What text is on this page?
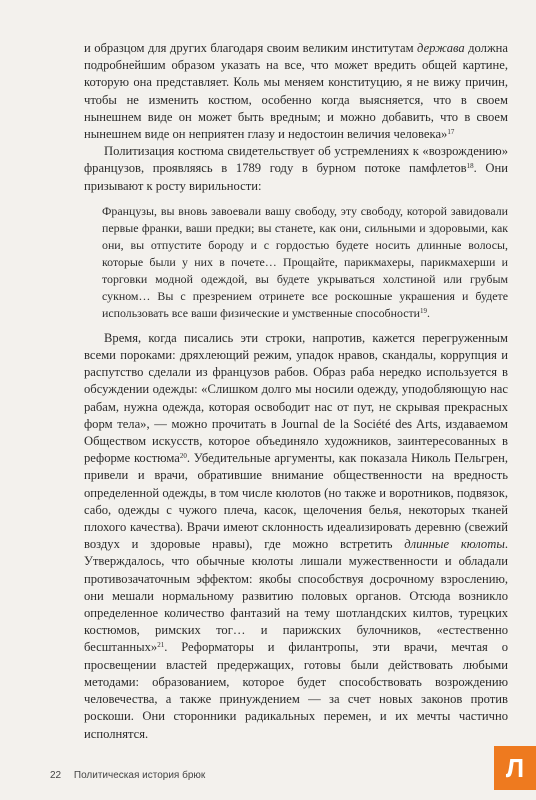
и образцом для других благодаря своим великим институтам держава должна подробнейшим образом указать на все, что может вредить общей картине, которую она представляет. Коль мы меняем конституцию, я не вижу причин, чтобы не изменить костюм, особенно когда выясняется, что в своем нынешнем виде он может быть вредным; и можно добавить, что в своем нынешнем виде он неприятен глазу и недостоин величия человека»$^{17}$

Политизация костюма свидетельствует об устремлениях к «возрождению» французов, проявляясь в 1789 году в бурном потоке памфлетов$^{18}$. Они призывают к росту вирильности:

Французы, вы вновь завоевали вашу свободу, эту свободу, которой завидовали первые франки, ваши предки; вы станете, как они, сильными и здоровыми, как они, вы отпустите бороду и с гордостью будете носить длинные волосы, которые были у них в почете… Прощайте, парикмахеры, парикмахерши и торговки модной одеждой, вы будете укрываться холстиной или грубым сукном… Вы с презрением отринете все роскошные украшения и будете использовать все ваши физические и умственные способности$^{19}$.

Время, когда писались эти строки, напротив, кажется перегруженным всеми пороками: дряхлеющий режим, упадок нравов, скандалы, коррупция и распутство сделали из французов рабов. Образ раба нередко используется в обсуждении одежды: «Слишком долго мы носили одежду, уподобляющую нас рабам, нужна одежда, которая освободит нас от пут, не скрывая прекрасных форм тела», — можно прочитать в Journal de la Société des Arts, издаваемом Обществом искусств, которое объединяло художников, заинтересованных в реформе костюма$^{20}$. Убедительные аргументы, как показала Николь Пельгрен, привели и врачи, обратившие внимание общественности на вредность определенной одежды, в том числе кюлотов (но также и воротников, подвязок, сабо, одежды с чужого плеча, касок, щелочения белья, некоторых тканей плохого качества). Врачи имеют склонность идеализировать деревню (свежий воздух и здоровые нравы), где можно встретить длинные кюлоты. Утверждалось, что обычные кюлоты лишали мужественности и обладали противозачаточным эффектом: якобы способствуя досрочному взрослению, они мешали нормальному развитию половых органов. Отсюда возникло определенное количество фантазий на тему шотландских килтов, турецких костюмов, римских тог… и парижских булочников, «естественно бесштанных»$^{21}$. Реформаторы и филантропы, эти врачи, мечтая о просвещении властей предержащих, готовы были действовать любыми методами: образованием, которое будет способствовать возрождению человечества, а также принуждением — за счет новых законов против роскоши. Они сторонники радикальных перемен, и их мечты частично исполнятся.

22 Политическая история брюк	Л
